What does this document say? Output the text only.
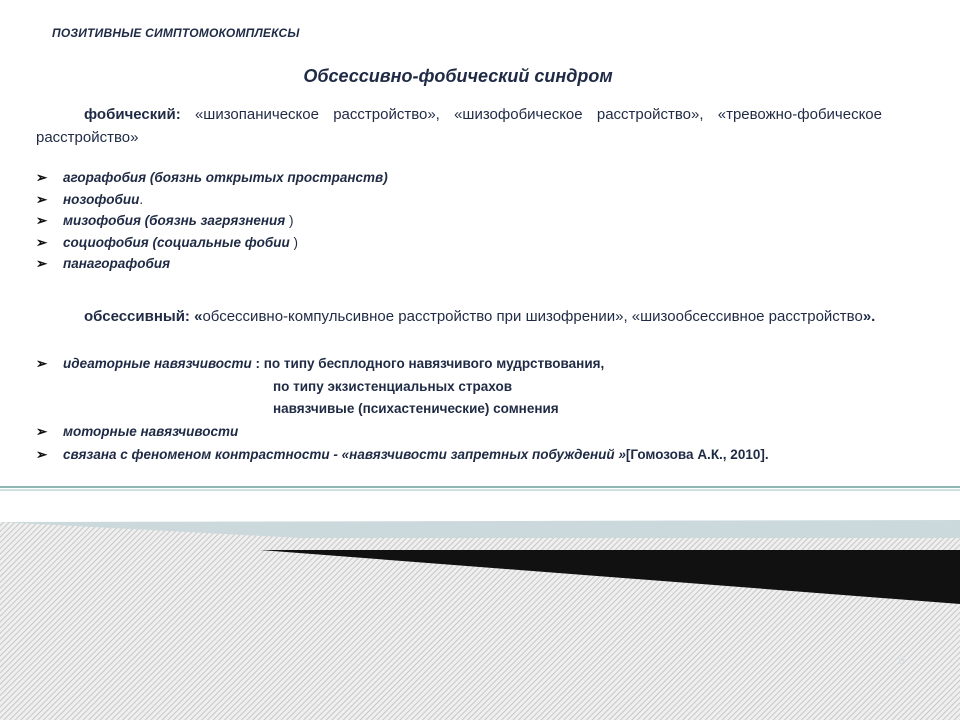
ПОЗИТИВНЫЕ СИМПТОМОКОМПЛЕКСЫ
Обсессивно-фобический синдром
фобический: «шизопаническое расстройство», «шизофобическое расстройство», «тревожно-фобическое расстройство»
➢	агорафобия (боязнь открытых пространств)
➢	нозофобии.
➢	мизофобия (боязнь загрязнения )
➢	социофобия (социальные фобии )
➢	панагорафобия
обсессивный: «обсессивно-компульсивное расстройство при шизофрении», «шизообсессивное расстройство».
➢	идеаторные навязчивости : по типу бесплодного навязчивого мудрствования,
по типу экзистенциальных страхов
навязчивые (психастенические) сомнения
➢	моторные навязчивости
➢	связана с феноменом контрастности - «навязчивости запретных побуждений »[Гомозова А.К., 2010].
9
